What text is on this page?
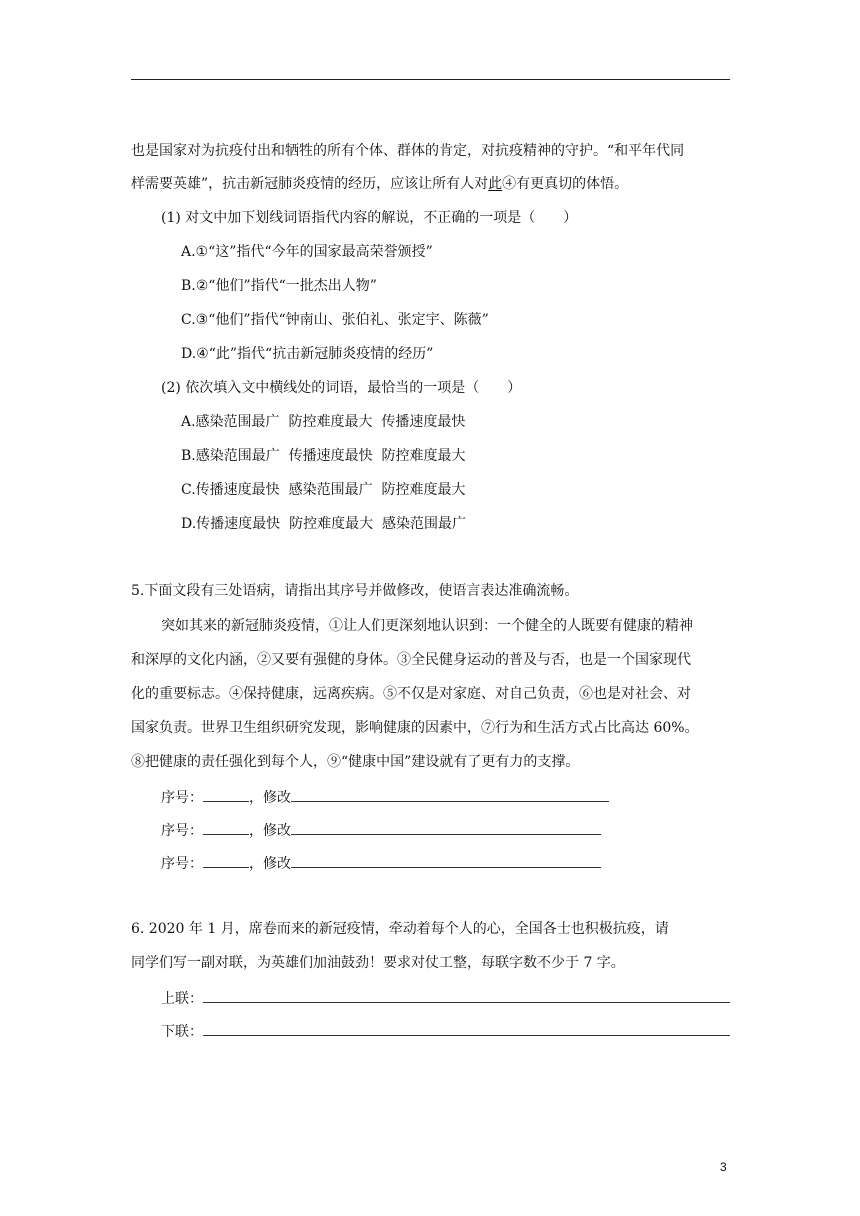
也是国家对为抗疫付出和牺牲的所有个体、群体的肯定，对抗疫精神的守护。“和平年代同
样需要英雄”，抗击新冠肺炎疫情的经历，应该让所有人对此④有更真切的体悟。
(1) 对文中加下划线词语指代内容的解说，不正确的一项是（　　）
A.①“这”指代“今年的国家最高荣誉颁授”
B.②“他们”指代“一批杰出人物”
C.③“他们”指代“钟南山、张伯礼、张定宇、陈薇”
D.④“此”指代“抗击新冠肺炎疫情的经历”
(2) 依次填入文中横线处的词语，最恰当的一项是（　　）
A.感染范围最广  防控难度最大  传播速度最快
B.感染范围最广  传播速度最快  防控难度最大
C.传播速度最快  感染范围最广  防控难度最大
D.传播速度最快  防控难度最大  感染范围最广
5.下面文段有三处语病，请指出其序号并做修改，使语言表达准确流畅。
突如其来的新冠肺炎疫情，①让人们更深刻地认识到：一个健全的人既要有健康的精神
和深厚的文化内涵，②又要有强健的身体。③全民健身运动的普及与否，也是一个国家现代
化的重要标志。④保持健康，远离疾病。⑤不仅是对家庭、对自己负责，⑥也是对社会、对
国家负责。世界卫生组织研究发现，影响健康的因素中，⑦行为和生活方式占比高达 60%。
⑧把健康的责任强化到每个人，⑨“健康中国”建设就有了更有力的支撑。
序号：	，修改
序号：	，修改
序号：	，修改
6. 2020 年 1 月，席卷而来的新冠疫情，牵动着每个人的心，全国各士也积极抗疫，请
同学们写一副对联，为英雄们加油鼓劲！要求对仗工整，每联字数不少于 7 字。
上联：
下联：
3
